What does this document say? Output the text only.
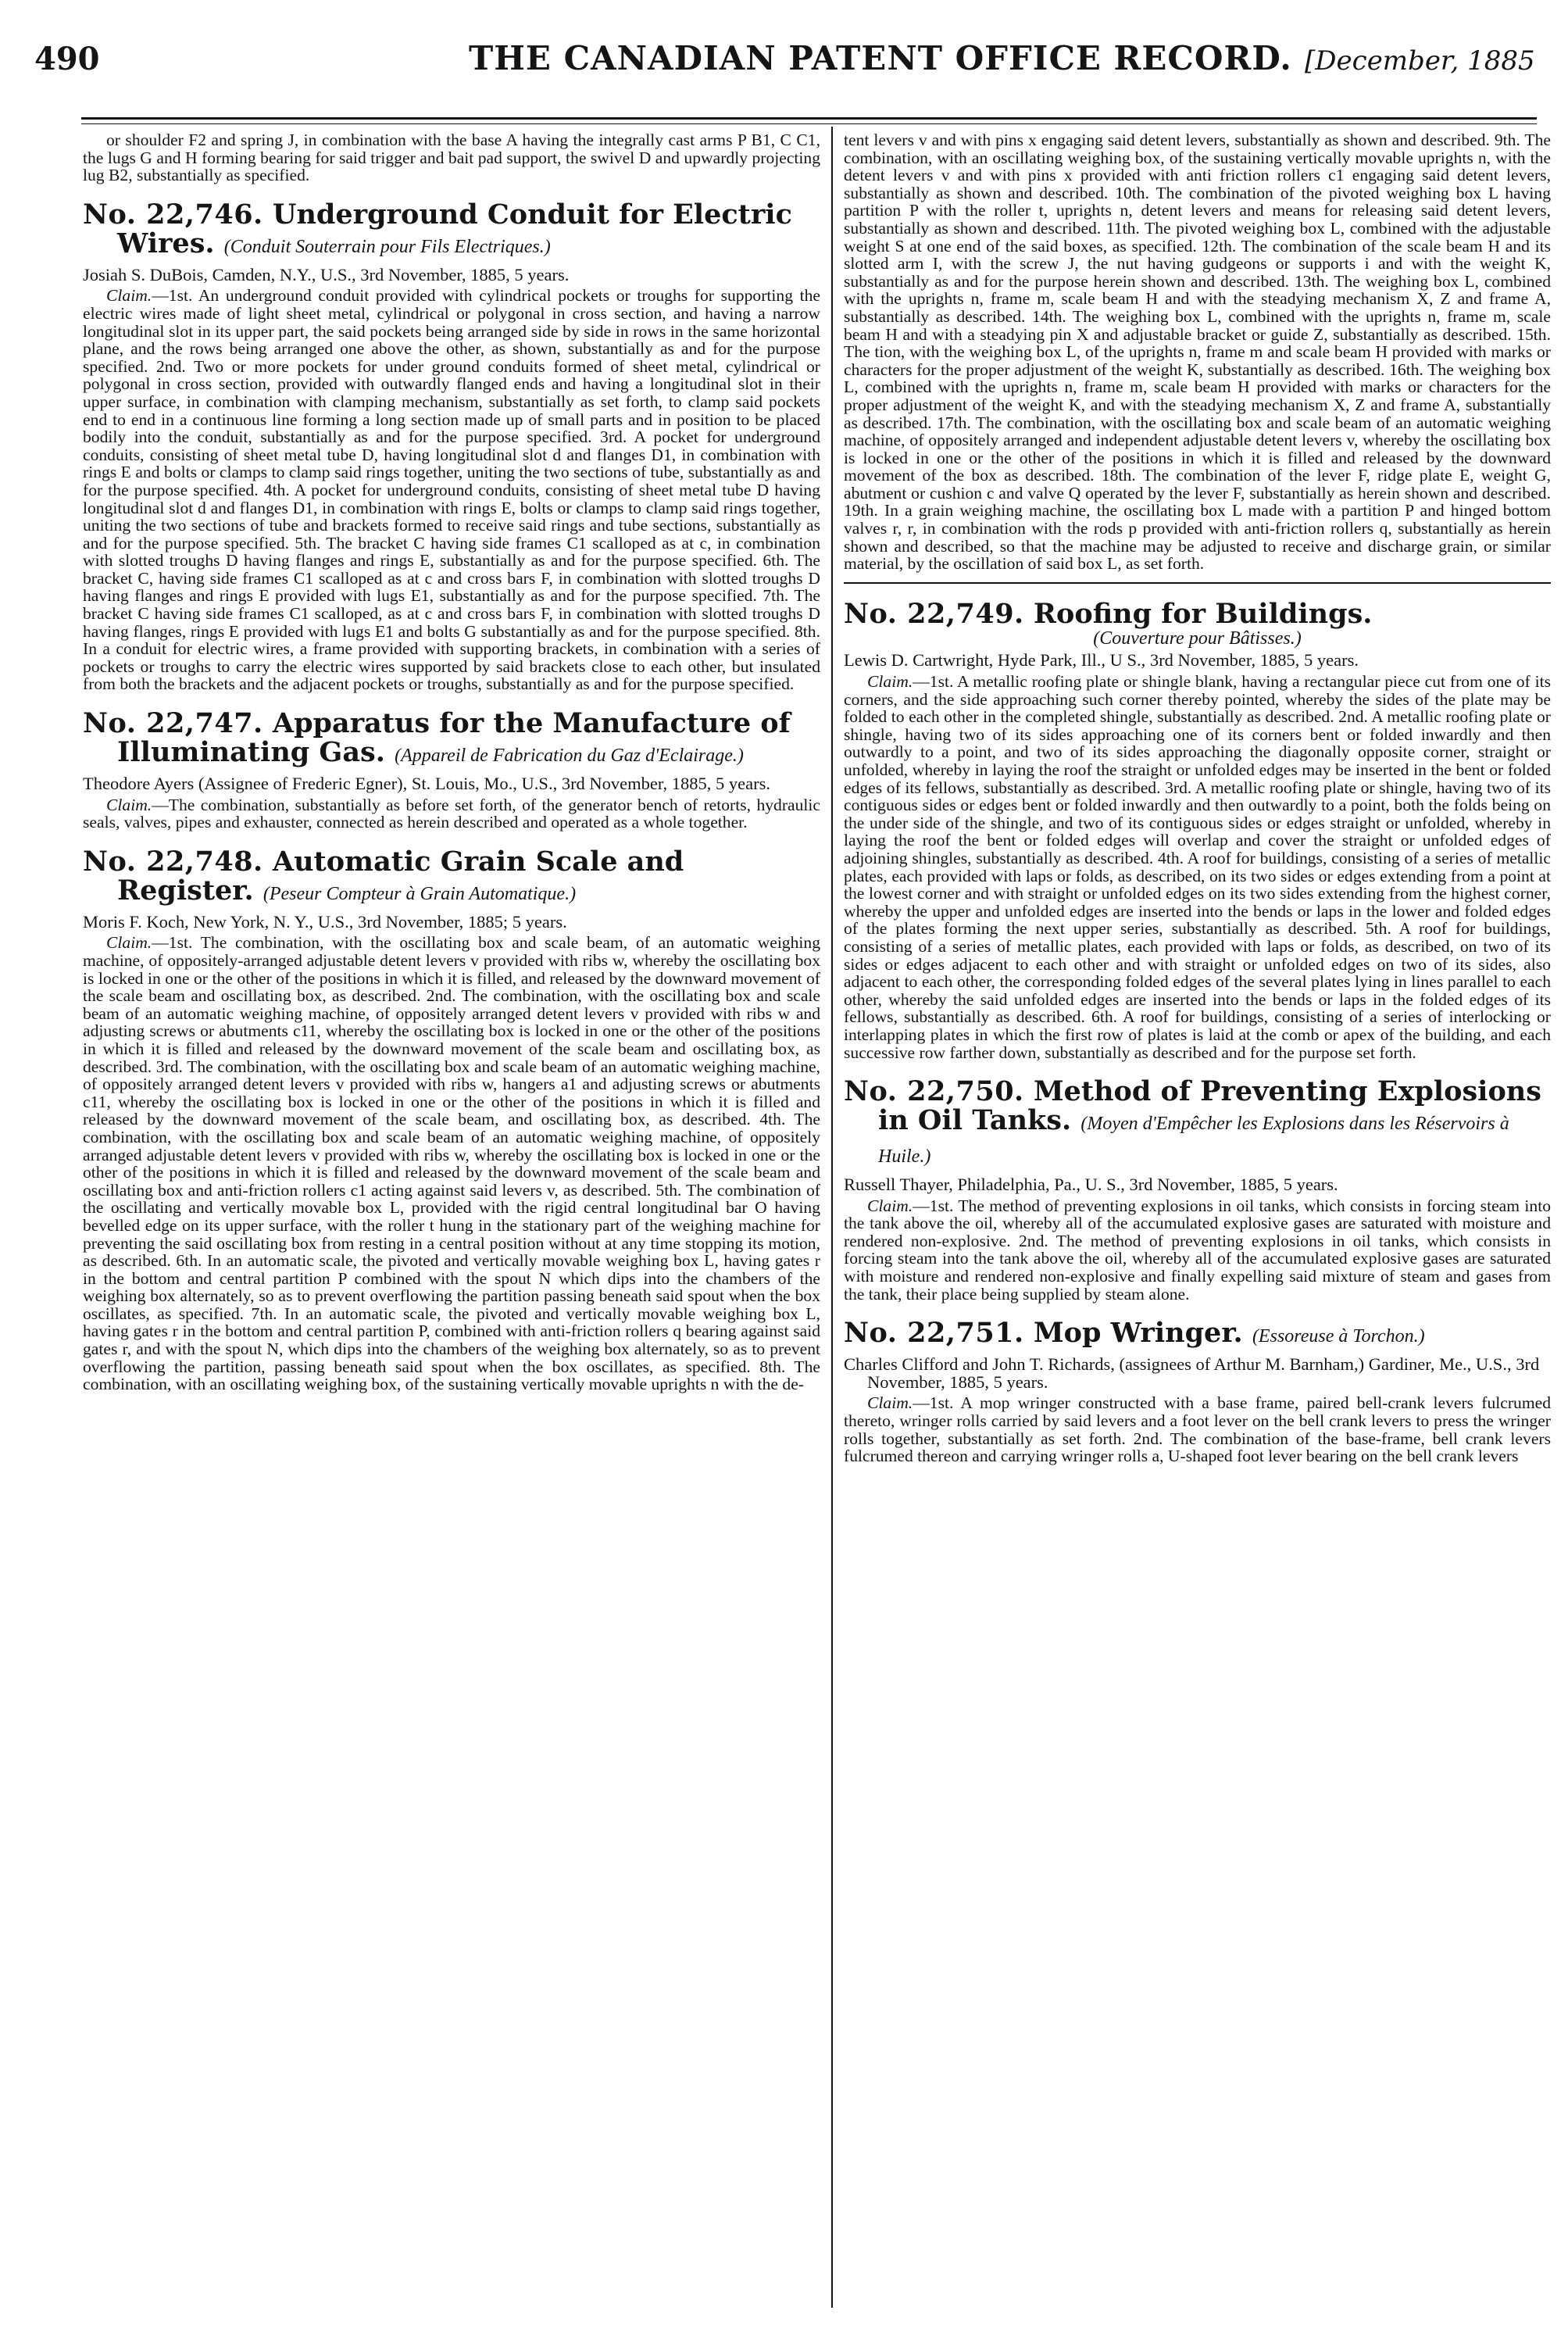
490	THE CANADIAN PATENT OFFICE RECORD. [December, 1885

or shoulder F2 and spring J, in combination with the base A having the integrally cast arms P B1, C C1, the lugs G and H forming bearing for said trigger and bait pad support, the swivel D and upwardly projecting lug B2, substantially as specified.

No. 22,746. Underground Conduit for Electric Wires. (Conduit Souterrain pour Fils Electriques.)

Josiah S. DuBois, Camden, N.Y., U.S., 3rd November, 1885, 5 years.

Claim.—1st. An underground conduit provided with cylindrical pockets or troughs for supporting the electric wires made of light sheet metal, cylindrical or polygonal in cross section, and having a narrow longitudinal slot in its upper part, the said pockets being arranged side by side in rows in the same horizontal plane, and the rows being arranged one above the other, as shown, substantially as and for the purpose specified. 2nd. Two or more pockets for under ground conduits formed of sheet metal, cylindrical or polygonal in cross section, provided with outwardly flanged ends and having a longitudinal slot in their upper surface, in combination with clamping mechanism, substantially as set forth, to clamp said pockets end to end in a continuous line forming a long section made up of small parts and in position to be placed bodily into the conduit, substantially as and for the purpose specified. 3rd. A pocket for underground conduits, consisting of sheet metal tube D, having longitudinal slot d and flanges D1, in combination with rings E and bolts or clamps to clamp said rings together, uniting the two sections of tube, substantially as and for the purpose specified. 4th. A pocket for underground conduits, consisting of sheet metal tube D having longitudinal slot d and flanges D1, in combination with rings E, bolts or clamps to clamp said rings together, uniting the two sections of tube and brackets formed to receive said rings and tube sections, substantially as and for the purpose specified. 5th. The bracket C having side frames C1 scalloped as at c, in combination with slotted troughs D having flanges and rings E, substantially as and for the purpose specified. 6th. The bracket C, having side frames C1 scalloped as at c and cross bars F, in combination with slotted troughs D having flanges and rings E provided with lugs E1, substantially as and for the purpose specified. 7th. The bracket C having side frames C1 scalloped, as at c and cross bars F, in combination with slotted troughs D having flanges, rings E provided with lugs E1 and bolts G substantially as and for the purpose specified. 8th. In a conduit for electric wires, a frame provided with supporting brackets, in combination with a series of pockets or troughs to carry the electric wires supported by said brackets close to each other, but insulated from both the brackets and the adjacent pockets or troughs, substantially as and for the purpose specified.

No. 22,747. Apparatus for the Manufacture of Illuminating Gas. (Appareil de Fabrication du Gaz d'Eclairage.)

Theodore Ayers (Assignee of Frederic Egner), St. Louis, Mo., U.S., 3rd November, 1885, 5 years.

Claim.—The combination, substantially as before set forth, of the generator bench of retorts, hydraulic seals, valves, pipes and exhauster, connected as herein described and operated as a whole together.

No. 22,748. Automatic Grain Scale and Register. (Peseur Compteur à Grain Automatique.)

Moris F. Koch, New York, N. Y., U.S., 3rd November, 1885; 5 years.

Claim.—1st. The combination, with the oscillating box and scale beam, of an automatic weighing machine, of oppositely-arranged adjustable detent levers v provided with ribs w, whereby the oscillating box is locked in one or the other of the positions in which it is filled, and released by the downward movement of the scale beam and oscillating box, as described. 2nd. The combination, with the oscillating box and scale beam of an automatic weighing machine, of oppositely arranged detent levers v provided with ribs w and adjusting screws or abutments c11, whereby the oscillating box is locked in one or the other of the positions in which it is filled and released by the downward movement of the scale beam and oscillating box, as described. 3rd. The combination, with the oscillating box and scale beam of an automatic weighing machine, of oppositely arranged detent levers v provided with ribs w, hangers a1 and adjusting screws or abutments c11, whereby the oscillating box is locked in one or the other of the positions in which it is filled and released by the downward movement of the scale beam, and oscillating box, as described. 4th. The combination, with the oscillating box and scale beam of an automatic weighing machine, of oppositely arranged adjustable detent levers v provided with ribs w, whereby the oscillating box is locked in one or the other of the positions in which it is filled and released by the downward movement of the scale beam and oscillating box and anti-friction rollers c1 acting against said levers v, as described. 5th. The combination of the oscillating and vertically movable box L, provided with the rigid central longitudinal bar O having bevelled edge on its upper surface, with the roller t hung in the stationary part of the weighing machine for preventing the said oscillating box from resting in a central position without at any time stopping its motion, as described. 6th. In an automatic scale, the pivoted and vertically movable weighing box L, having gates r in the bottom and central partition P combined with the spout N which dips into the chambers of the weighing box alternately, so as to prevent overflowing the partition passing beneath said spout when the box oscillates, as specified. 7th. In an automatic scale, the pivoted and vertically movable weighing box L, having gates r in the bottom and central partition P, combined with anti-friction rollers q bearing against said gates r, and with the spout N, which dips into the chambers of the weighing box alternately, so as to prevent overflowing the partition, passing beneath said spout when the box oscillates, as specified. 8th. The combination, with an oscillating weighing box, of the sustaining vertically movable uprights n with the de-

tent levers v and with pins x engaging said detent levers, substantially as shown and described. 9th. The combination, with an oscillating weighing box, of the sustaining vertically movable uprights n, with the detent levers v and with pins x provided with anti friction rollers c1 engaging said detent levers, substantially as shown and described. 10th. The combination of the pivoted weighing box L having partition P with the roller t, uprights n, detent levers and means for releasing said detent levers, substantially as shown and described. 11th. The pivoted weighing box L, combined with the adjustable weight S at one end of the said boxes, as specified. 12th. The combination of the scale beam H and its slotted arm I, with the screw J, the nut having gudgeons or supports i and with the weight K, substantially as and for the purpose herein shown and described. 13th. The weighing box L, combined with the uprights n, frame m, scale beam H and with the steadying mechanism X, Z and frame A, substantially as described. 14th. The weighing box L, combined with the uprights n, frame m, scale beam H and with a steadying pin X and adjustable bracket or guide Z, substantially as described. 15th. The tion, with the weighing box L, of the uprights n, frame m and scale beam H provided with marks or characters for the proper adjustment of the weight K, substantially as described. 16th. The weighing box L, combined with the uprights n, frame m, scale beam H provided with marks or characters for the proper adjustment of the weight K, and with the steadying mechanism X, Z and frame A, substantially as described. 17th. The combination, with the oscillating box and scale beam of an automatic weighing machine, of oppositely arranged and independent adjustable detent levers v, whereby the oscillating box is locked in one or the other of the positions in which it is filled and released by the downward movement of the box as described. 18th. The combination of the lever F, ridge plate E, weight G, abutment or cushion c and valve Q operated by the lever F, substantially as herein shown and described. 19th. In a grain weighing machine, the oscillating box L made with a partition P and hinged bottom valves r, r, in combination with the rods p provided with anti-friction rollers q, substantially as herein shown and described, so that the machine may be adjusted to receive and discharge grain, or similar material, by the oscillation of said box L, as set forth.

No. 22,749. Roofing for Buildings.

(Couverture pour Bâtisses.)

Lewis D. Cartwright, Hyde Park, Ill., U S., 3rd November, 1885, 5 years.

Claim.—1st. A metallic roofing plate or shingle blank, having a rectangular piece cut from one of its corners, and the side approaching such corner thereby pointed, whereby the sides of the plate may be folded to each other in the completed shingle, substantially as described. 2nd. A metallic roofing plate or shingle, having two of its sides approaching one of its corners bent or folded inwardly and then outwardly to a point, and two of its sides approaching the diagonally opposite corner, straight or unfolded, whereby in laying the roof the straight or unfolded edges may be inserted in the bent or folded edges of its fellows, substantially as described. 3rd. A metallic roofing plate or shingle, having two of its contiguous sides or edges bent or folded inwardly and then outwardly to a point, both the folds being on the under side of the shingle, and two of its contiguous sides or edges straight or unfolded, whereby in laying the roof the bent or folded edges will overlap and cover the straight or unfolded edges of adjoining shingles, substantially as described. 4th. A roof for buildings, consisting of a series of metallic plates, each provided with laps or folds, as described, on its two sides or edges extending from a point at the lowest corner and with straight or unfolded edges on its two sides extending from the highest corner, whereby the upper and unfolded edges are inserted into the bends or laps in the lower and folded edges of the plates forming the next upper series, substantially as described. 5th. A roof for buildings, consisting of a series of metallic plates, each provided with laps or folds, as described, on two of its sides or edges adjacent to each other and with straight or unfolded edges on two of its sides, also adjacent to each other, the corresponding folded edges of the several plates lying in lines parallel to each other, whereby the said unfolded edges are inserted into the bends or laps in the folded edges of its fellows, substantially as described. 6th. A roof for buildings, consisting of a series of interlocking or interlapping plates in which the first row of plates is laid at the comb or apex of the building, and each successive row farther down, substantially as described and for the purpose set forth.

No. 22,750. Method of Preventing Explosions in Oil Tanks. (Moyen d'Empêcher les Explosions dans les Réservoirs à Huile.)

Russell Thayer, Philadelphia, Pa., U. S., 3rd November, 1885, 5 years.

Claim.—1st. The method of preventing explosions in oil tanks, which consists in forcing steam into the tank above the oil, whereby all of the accumulated explosive gases are saturated with moisture and rendered non-explosive. 2nd. The method of preventing explosions in oil tanks, which consists in forcing steam into the tank above the oil, whereby all of the accumulated explosive gases are saturated with moisture and rendered non-explosive and finally expelling said mixture of steam and gases from the tank, their place being supplied by steam alone.

No. 22,751. Mop Wringer. (Essoreuse à Torchon.)

Charles Clifford and John T. Richards, (assignees of Arthur M. Barnham,) Gardiner, Me., U.S., 3rd November, 1885, 5 years.

Claim.—1st. A mop wringer constructed with a base frame, paired bell-crank levers fulcrumed thereto, wringer rolls carried by said levers and a foot lever on the bell crank levers to press the wringer rolls together, substantially as set forth. 2nd. The combination of the base-frame, bell crank levers fulcrumed thereon and carrying wringer rolls a, U-shaped foot lever bearing on the bell crank levers
